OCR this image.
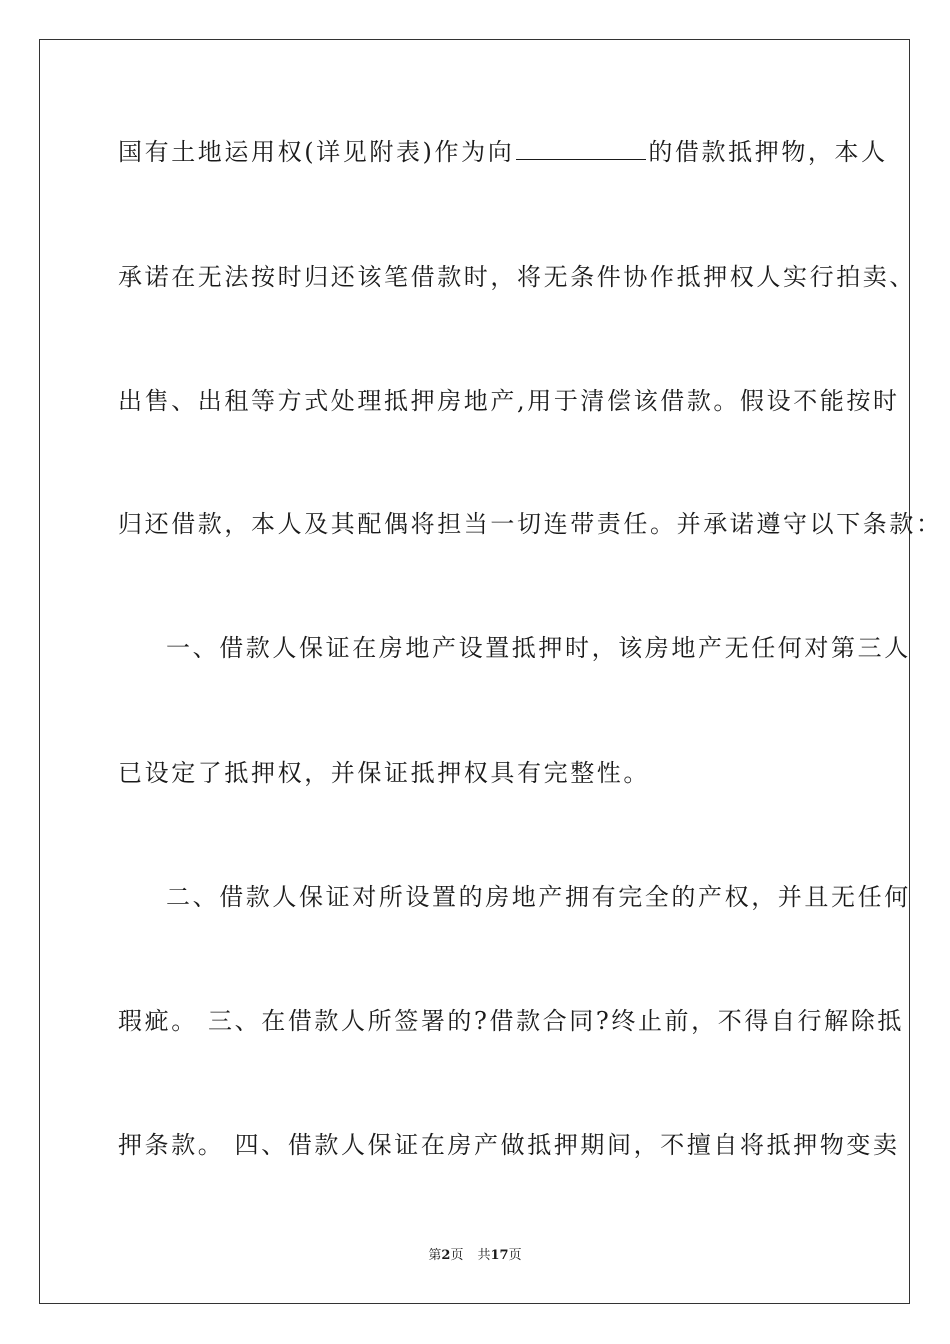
国有土地运用权(详见附表)作为向	的借款抵押物，本人
承诺在无法按时归还该笔借款时，将无条件协作抵押权人实行拍卖、
出售、出租等方式处理抵押房地产,用于清偿该借款。假设不能按时
归还借款，本人及其配偶将担当一切连带责任。并承诺遵守以下条款：
一、借款人保证在房地产设置抵押时，该房地产无任何对第三人
已设定了抵押权，并保证抵押权具有完整性。
二、借款人保证对所设置的房地产拥有完全的产权，并且无任何
瑕疵。 三、在借款人所签署的?借款合同?终止前，不得自行解除抵
押条款。 四、借款人保证在房产做抵押期间，不擅自将抵押物变卖
第2页 共17页
